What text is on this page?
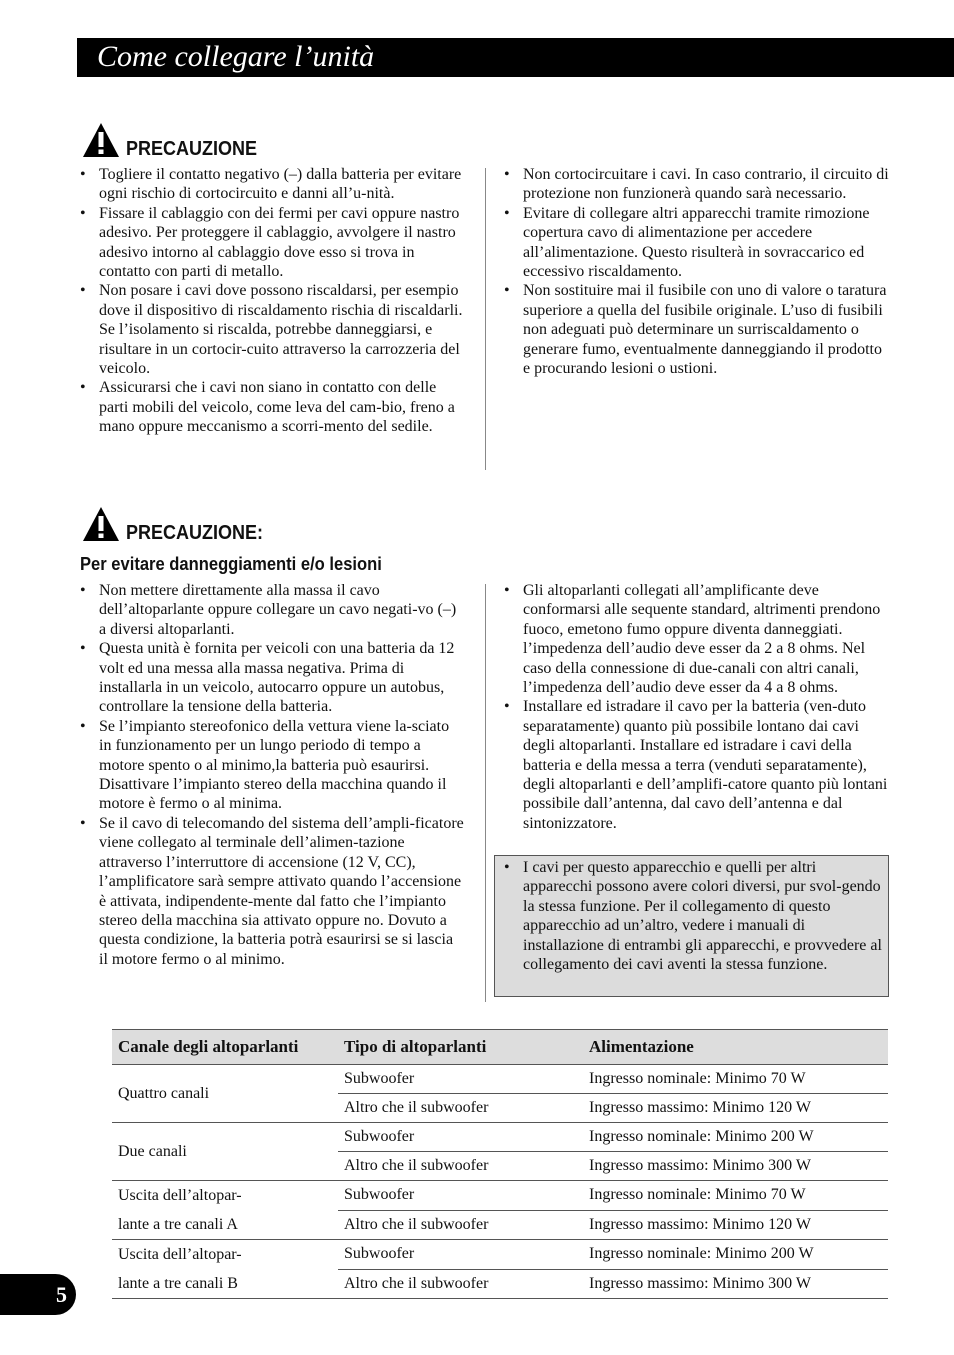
Come collegare l’unità
PRECAUZIONE
• Togliere il contatto negativo (–) dalla batteria per evitare ogni rischio di cortocircuito e danni all’u-nità.
• Fissare il cablaggio con dei fermi per cavi oppure nastro adesivo. Per proteggere il cablaggio, avvolgere il nastro adesivo intorno al cablaggio dove esso si trova in contatto con parti di metallo.
• Non posare i cavi dove possono riscaldarsi, per esempio dove il dispositivo di riscaldamento rischia di riscaldarli. Se l’isolamento si riscalda, potrebbe danneggiarsi, e risultare in un cortocir-cuito attraverso la carrozzeria del veicolo.
• Assicurarsi che i cavi non siano in contatto con delle parti mobili del veicolo, come leva del cam-bio, freno a mano oppure meccanismo a scorri-mento del sedile.
• Non cortocircuitare i cavi. In caso contrario, il circuito di protezione non funzionerà quando sarà necessario.
• Evitare di collegare altri apparecchi tramite rimozione copertura cavo di alimentazione per accedere all’alimentazione. Questo risulterà in sovraccarico ed eccessivo riscaldamento.
• Non sostituire mai il fusibile con uno di valore o taratura superiore a quella del fusibile originale. L’uso di fusibili non adeguati può determinare un surriscaldamento o generare fumo, eventualmente danneggiando il prodotto e procurando lesioni o ustioni.
PRECAUZIONE:
Per evitare danneggiamenti e/o lesioni
• Non mettere direttamente alla massa il cavo dell’altoparlante oppure collegare un cavo negati-vo (–) a diversi altoparlanti.
• Questa unità è fornita per veicoli con una batteria da 12 volt ed una messa alla massa negativa. Prima di installarla in un veicolo, autocarro oppure un autobus, controllare la tensione della batteria.
• Se l’impianto stereofonico della vettura viene la-sciato in funzionamento per un lungo periodo di tempo a motore spento o al minimo,la batteria può esaurirsi. Disattivare l’impianto stereo della macchina quando il motore è fermo o al minima.
• Se il cavo di telecomando del sistema dell’ampli-ficatore viene collegato al terminale dell’alimen-tazione attraverso l’interruttore di accensione (12 V, CC), l’amplificatore sarà sempre attivato quando l’accensione è attivata, indipendente-mente dal fatto che l’impianto stereo della macchina sia attivato oppure no. Dovuto a questa condizione, la batteria potrà esaurirsi se si lascia il motore fermo o al minimo.
• Gli altoparlanti collegati all’amplificante deve conformarsi alle sequente standard, altrimenti prendono fuoco, emetono fumo oppure diventa danneggiati. l’impedenza dell’audio deve esser da 2 a 8 ohms. Nel caso della connessione di due-canali con altri canali, l’impedenza dell’audio deve esser da 4 a 8 ohms.
• Installare ed istradare il cavo per la batteria (ven-duto separatamente) quanto più possibile lontano dai cavi degli altoparlanti. Installare ed istradare i cavi della batteria e della messa a terra (venduti separatamente), degli altoparlanti e dell’amplifi-catore quanto più lontani possibile dall’antenna, dal cavo dell’antenna e dal sintonizzatore.
• I cavi per questo apparecchio e quelli per altri apparecchi possono avere colori diversi, pur svol-gendo la stessa funzione. Per il collegamento di questo apparecchio ad un’altro, vedere i manuali di installazione di entrambi gli apparecchi, e provvedere al collegamento dei cavi aventi la stessa funzione.
Canale degli altoparlanti	Tipo di altoparlanti	Alimentazione
Quattro canali	Subwoofer	Ingresso nominale: Minimo 70 W
	Altro che il subwoofer	Ingresso massimo: Minimo 120 W
Due canali	Subwoofer	Ingresso nominale: Minimo 200 W
	Altro che il subwoofer	Ingresso massimo: Minimo 300 W
Uscita dell’altopar-
lante a tre canali A	Subwoofer	Ingresso nominale: Minimo 70 W
	Altro che il subwoofer	Ingresso massimo: Minimo 120 W
Uscita dell’altopar-
lante a tre canali B	Subwoofer	Ingresso nominale: Minimo 200 W
	Altro che il subwoofer	Ingresso massimo: Minimo 300 W
5
